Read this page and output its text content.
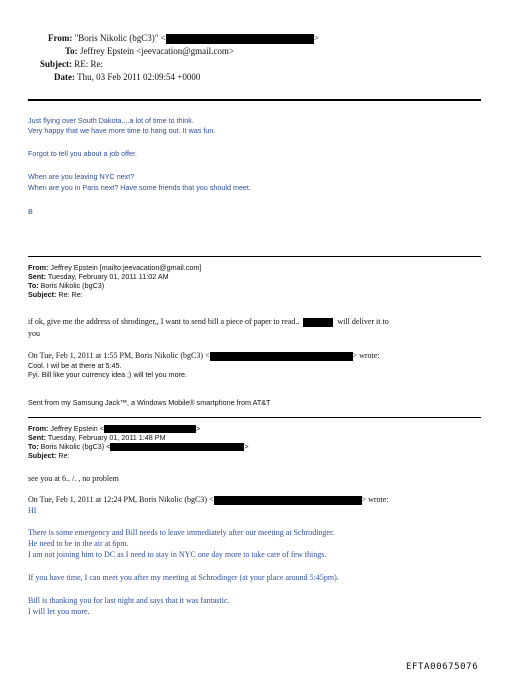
From: "Boris Nikolic (bgC3)" <	>
To: Jeffrey Epstein <jeevacation@gmail.com>
Subject: RE: Re:
Date: Thu, 03 Feb 2011 02:09:54 +0000
Just flying over South Dakota....a lot of time to think.
Very happy that we have more time to hang out. It was fun.
Forgot to tell you about a job offer.
When are you leaving NYC next?
When are you in Paris next? Have some friends that you should meet.
B
From: Jeffrey Epstein [mailto:jeevacation@gmail.com]
Sent: Tuesday, February 01, 2011 11:02 AM
To: Boris Nikolic (bgC3)
Subject: Re: Re:
if ok, give me the address of shrodinger,, I want to send bill a piece of paper to read..	will deliver it to
you
On Tue, Feb 1, 2011 at 1:55 PM, Boris Nikolic (bgC3) <	> wrote:
Cool. I wil be at there at 5:45.
Fyi. Bill like your currency idea ;) will tel you more.
Sent from my Samsung Jack™, a Windows Mobile® smartphone from AT&T
From: Jeffrey Epstein <	>
Sent: Tuesday, February 01, 2011 1:48 PM
To: Boris Nikolic (bgC3) <	>
Subject: Re:
see you at 6.. /. , no problem
On Tue, Feb 1, 2011 at 12:24 PM, Boris Nikolic (bgC3) <	> wrote:
HI
There is some emergency and Bill needs to leave immediately after our meeting at Schrodinger.
He need to be in the air at 6pm.
I am not joining him to DC as I need to stay in NYC one day more to take care of few things.
If you have time, I can meet you after my meeting at Schrodinger (at your place around 5:45pm).
Bill is thanking you for last night and says that it was fantastic.
I will let you more.
EFTA00675076
